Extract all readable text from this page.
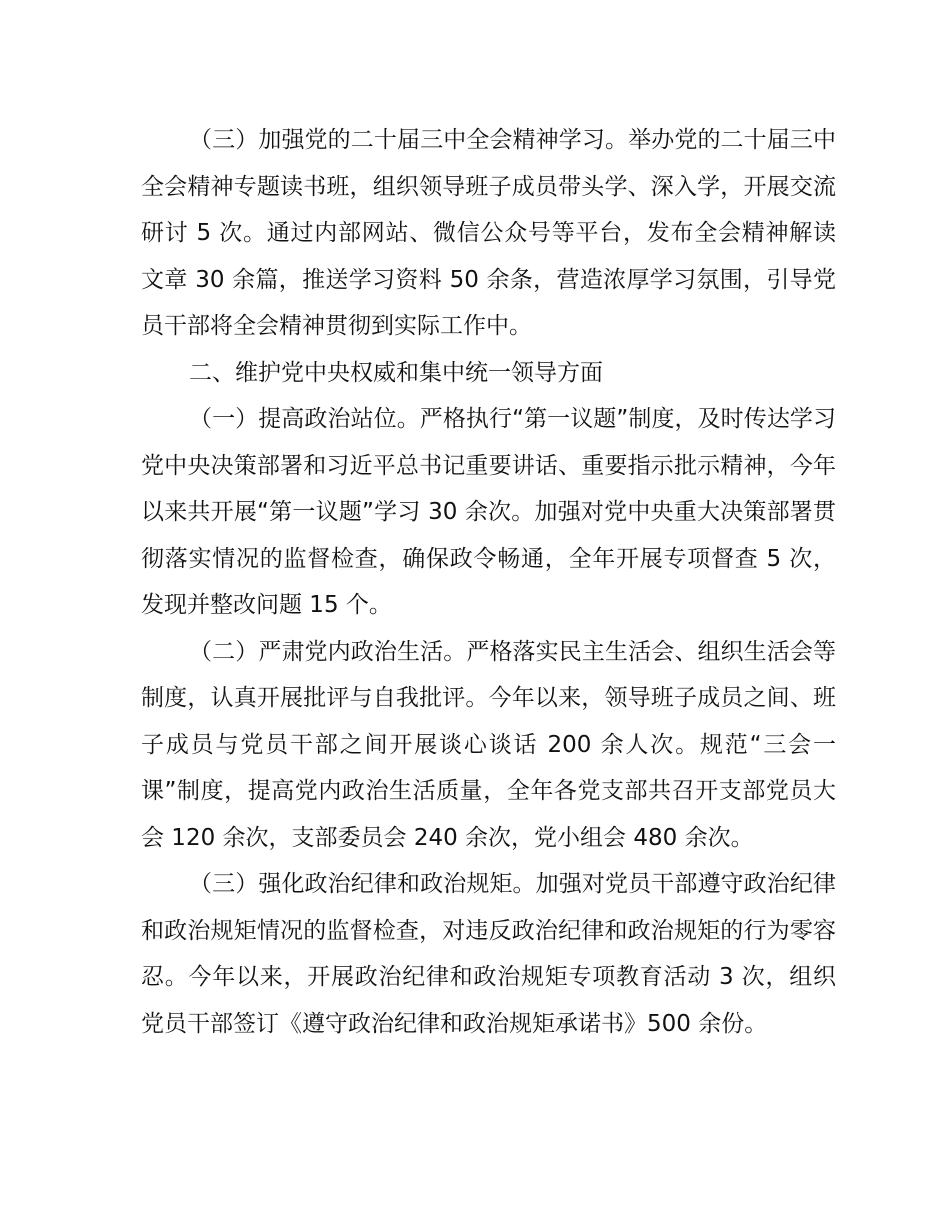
（三）加强党的二十届三中全会精神学习。举办党的二十届三中全会精神专题读书班，组织领导班子成员带头学、深入学，开展交流研讨 5 次。通过内部网站、微信公众号等平台，发布全会精神解读文章 30 余篇，推送学习资料 50 余条，营造浓厚学习氛围，引导党员干部将全会精神贯彻到实际工作中。

二、维护党中央权威和集中统一领导方面

（一）提高政治站位。严格执行“第一议题”制度，及时传达学习党中央决策部署和习近平总书记重要讲话、重要指示批示精神，今年以来共开展“第一议题”学习 30 余次。加强对党中央重大决策部署贯彻落实情况的监督检查，确保政令畅通，全年开展专项督查 5 次，发现并整改问题 15 个。

（二）严肃党内政治生活。严格落实民主生活会、组织生活会等制度，认真开展批评与自我批评。今年以来，领导班子成员之间、班子成员与党员干部之间开展谈心谈话 200 余人次。规范“三会一课”制度，提高党内政治生活质量，全年各党支部共召开支部党员大会 120 余次，支部委员会 240 余次，党小组会 480 余次。

（三）强化政治纪律和政治规矩。加强对党员干部遵守政治纪律和政治规矩情况的监督检查，对违反政治纪律和政治规矩的行为零容忍。今年以来，开展政治纪律和政治规矩专项教育活动 3 次，组织党员干部签订《遵守政治纪律和政治规矩承诺书》500 余份。
